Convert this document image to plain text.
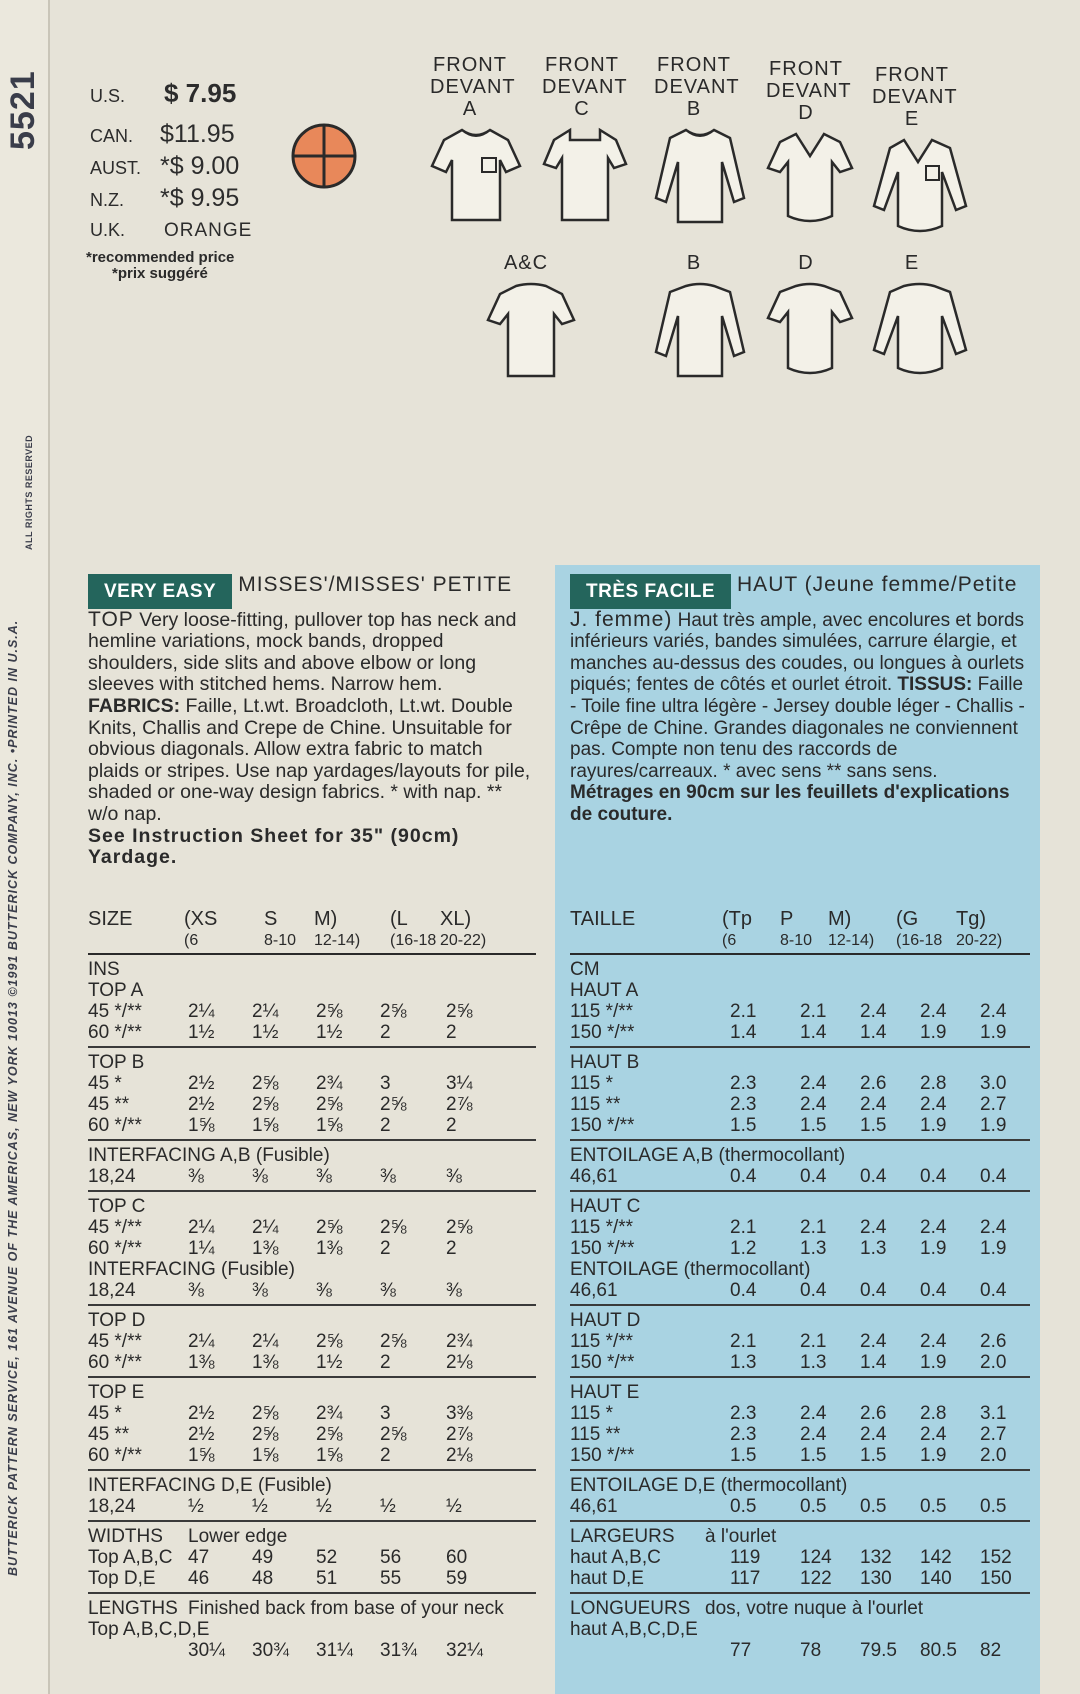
5521
ALL RIGHTS RESERVED
BUTTERICK PATTERN SERVICE, 161 AVENUE OF THE AMERICAS, NEW YORK 10013 ©1991 BUTTERICK COMPANY, INC. •PRINTED IN U.S.A.
U.S.	$ 7.95
CAN.	$11.95
AUST. *$ 9.00
N.Z.	*$ 9.95
U.K.	ORANGE
*recommended price
*prix suggéré
FRONT
DEVANT
A
FRONT
DEVANT
C
FRONT
DEVANT
B
FRONT
DEVANT
D
FRONT
DEVANT
E
A&C	B	D	E
VERY EASY MISSES'/MISSES' PETITE TOP Very loose-fitting, pullover top has neck and hemline variations, mock bands, dropped shoulders, side slits and above elbow or long sleeves with stitched hems. Narrow hem. FABRICS: Faille, Lt.wt. Broadcloth, Lt.wt. Double Knits, Challis and Crepe de Chine. Unsuitable for obvious diagonals. Allow extra fabric to match plaids or stripes. Use nap yardages/layouts for pile, shaded or one-way design fabrics. * with nap. ** w/o nap.
See Instruction Sheet for 35" (90cm) Yardage.
TRÈS FACILE HAUT (Jeune femme/Petite J. femme) Haut très ample, avec encolures et bords inférieurs variés, bandes simulées, carrure élargie, et manches au-dessus des coudes, ou longues à ourlets piqués; fentes de côtés et ourlet étroit. TISSUS: Faille - Toile fine ultra légère - Jersey double léger - Challis - Crêpe de Chine. Grandes diagonales ne conviennent pas. Compte non tenu des raccords de rayures/carreaux. * avec sens ** sans sens.
Métrages en 90cm sur les feuillets d'explications de couture.
SIZE	(XS S M)	(L XL)
(6	8-10 12-14) (16-18 20-22)
INS
TOP A
45 */** 2¼ 2¼ 2⅝ 2⅝ 2⅝
60 */** 1½ 1½ 1½ 2	2
TOP B
45 *	2½ 2⅝ 2¾ 3	3¼
45 **	2½ 2⅝ 2⅝ 2⅝ 2⅞
60 */** 1⅝ 1⅝ 1⅝ 2	2
INTERFACING A,B (Fusible)
18,24	⅜	⅜	⅜	⅜	⅜
TOP C
45 */** 2¼ 2¼ 2⅝ 2⅝ 2⅝
60 */** 1¼ 1⅜ 1⅜ 2	2
INTERFACING (Fusible)
18,24	⅜	⅜	⅜	⅜	⅜
TOP D
45 */** 2¼ 2¼ 2⅝ 2⅝ 2¾
60 */** 1⅜ 1⅜ 1½ 2	2⅛
TOP E
45 *	2½ 2⅝ 2¾ 3	3⅜
45 **	2½ 2⅝ 2⅝ 2⅝ 2⅞
60 */** 1⅝ 1⅝ 1⅝ 2	2⅛
INTERFACING D,E (Fusible)
18,24	½	½	½	½	½
WIDTHS Lower edge
Top A,B,C 47 49 52 56 60
Top D,E 46 48 51 55 59
LENGTHS Finished back from base of your neck
Top A,B,C,D,E
30¼ 30¾ 31¼ 31¾ 32¼
TAILLE	(Tp P M) (G Tg)
(6	8-10 12-14) (16-18 20-22)
CM
HAUT A
115 */**	2.1 2.1 2.4 2.4 2.4
150 */**	1.4 1.4 1.4 1.9 1.9
HAUT B
115 *	2.3 2.4 2.6 2.8 3.0
115 **	2.3 2.4 2.4 2.4 2.7
150 */**	1.5 1.5 1.5 1.9 1.9
ENTOILAGE A,B (thermocollant)
46,61	0.4 0.4 0.4 0.4 0.4
HAUT C
115 */**	2.1 2.1 2.4 2.4 2.4
150 */**	1.2 1.3 1.3 1.9 1.9
ENTOILAGE (thermocollant)
46,61	0.4 0.4 0.4 0.4 0.4
HAUT D
115 */**	2.1 2.1 2.4 2.4 2.6
150 */**	1.3 1.3 1.4 1.9 2.0
HAUT E
115 *	2.3 2.4 2.6 2.8 3.1
115 **	2.3 2.4 2.4 2.4 2.7
150 */**	1.5 1.5 1.5 1.9 2.0
ENTOILAGE D,E (thermocollant)
46,61	0.5 0.5 0.5 0.5 0.5
LARGEURS à l'ourlet
haut A,B,C	119 124 132 142 152
haut D,E	117 122 130 140 150
LONGUEURS dos, votre nuque à l'ourlet
haut A,B,C,D,E
77	78 79.5 80.5 82
